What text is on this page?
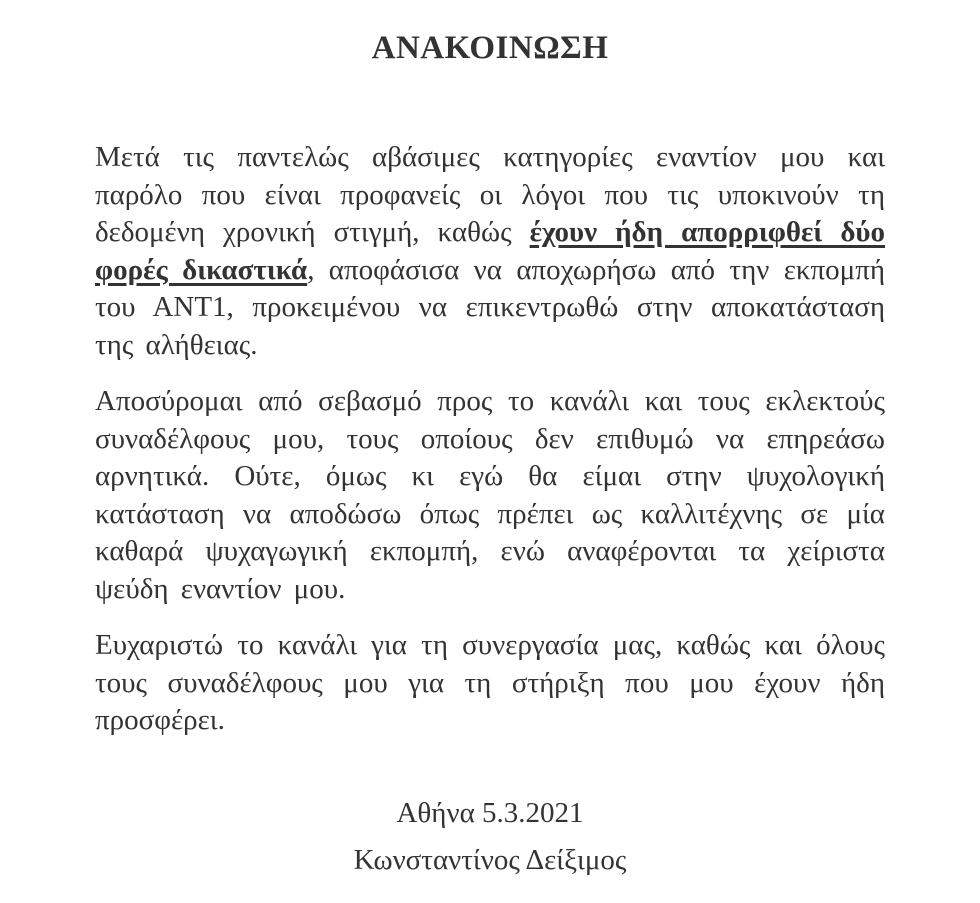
ΑΝΑΚΟΙΝΩΣΗ

Μετά τις παντελώς αβάσιμες κατηγορίες εναντίον μου και παρόλο που είναι προφανείς οι λόγοι που τις υποκινούν τη δεδομένη χρονική στιγμή, καθώς έχουν ήδη απορριφθεί δύο φορές δικαστικά, αποφάσισα να αποχωρήσω από την εκπομπή του ΑΝΤ1, προκειμένου να επικεντρωθώ στην αποκατάσταση της αλήθειας.

Αποσύρομαι από σεβασμό προς το κανάλι και τους εκλεκτούς συναδέλφους μου, τους οποίους δεν επιθυμώ να επηρεάσω αρνητικά. Ούτε, όμως κι εγώ θα είμαι στην ψυχολογική κατάσταση να αποδώσω όπως πρέπει ως καλλιτέχνης σε μία καθαρά ψυχαγωγική εκπομπή, ενώ αναφέρονται τα χείριστα ψεύδη εναντίον μου.

Ευχαριστώ το κανάλι για τη συνεργασία μας, καθώς και όλους τους συναδέλφους μου για τη στήριξη που μου έχουν ήδη προσφέρει.

Αθήνα 5.3.2021

Κωνσταντίνος Δείξιμος
